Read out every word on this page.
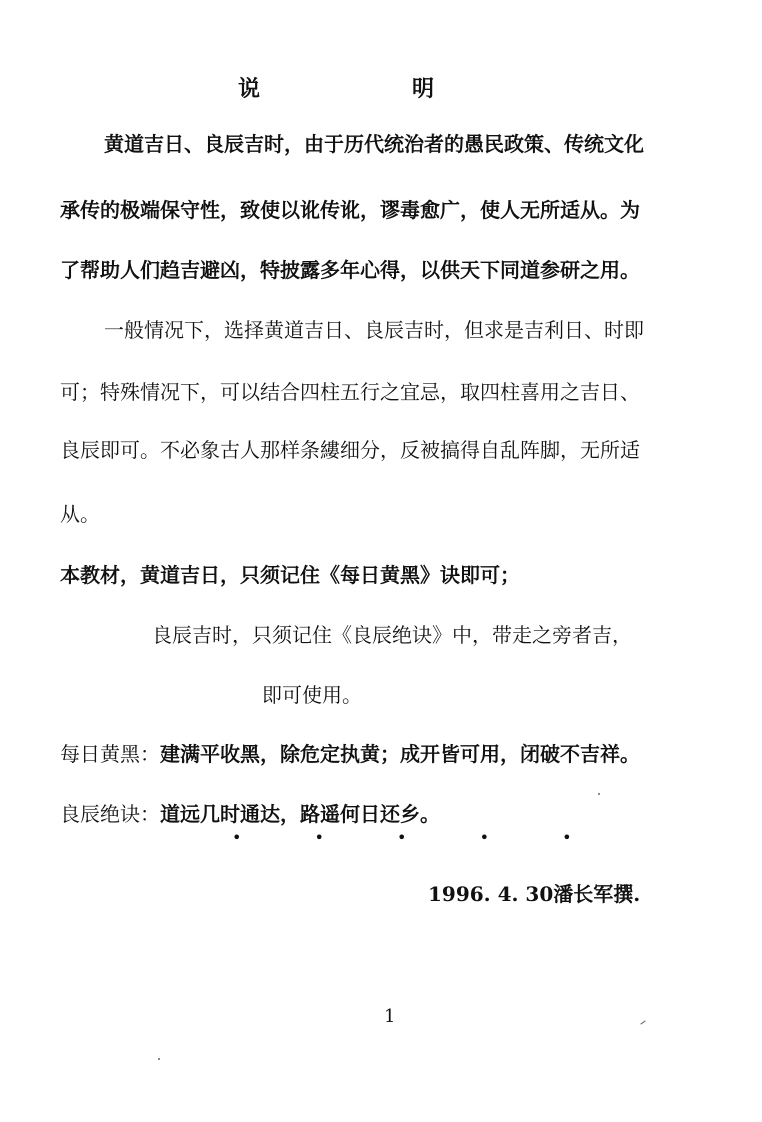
说	明
黄道吉日、良辰吉时，由于历代统治者的愚民政策、传统文化
承传的极端保守性，致使以讹传讹，谬毒愈广，使人无所适从。为
了帮助人们趋吉避凶，特披露多年心得，以供天下同道参研之用。
一般情况下，选择黄道吉日、良辰吉时，但求是吉利日、时即
可；特殊情况下，可以结合四柱五行之宜忌，取四柱喜用之吉日、
良辰即可。不必象古人那样条縷细分，反被搞得自乱阵脚，无所适
从。
本教材，黄道吉日，只须记住《每日黄黑》诀即可；
良辰吉时，只须记住《良辰绝诀》中，带走之旁者吉，
即可使用。
每日黄黑：建满平收黑，除危定执黄；成开皆可用，闭破不吉祥。
良辰绝诀：道远几时通达，路遥何日还乡。
• • • • •
1996. 4. 30潘长军撰.
1
